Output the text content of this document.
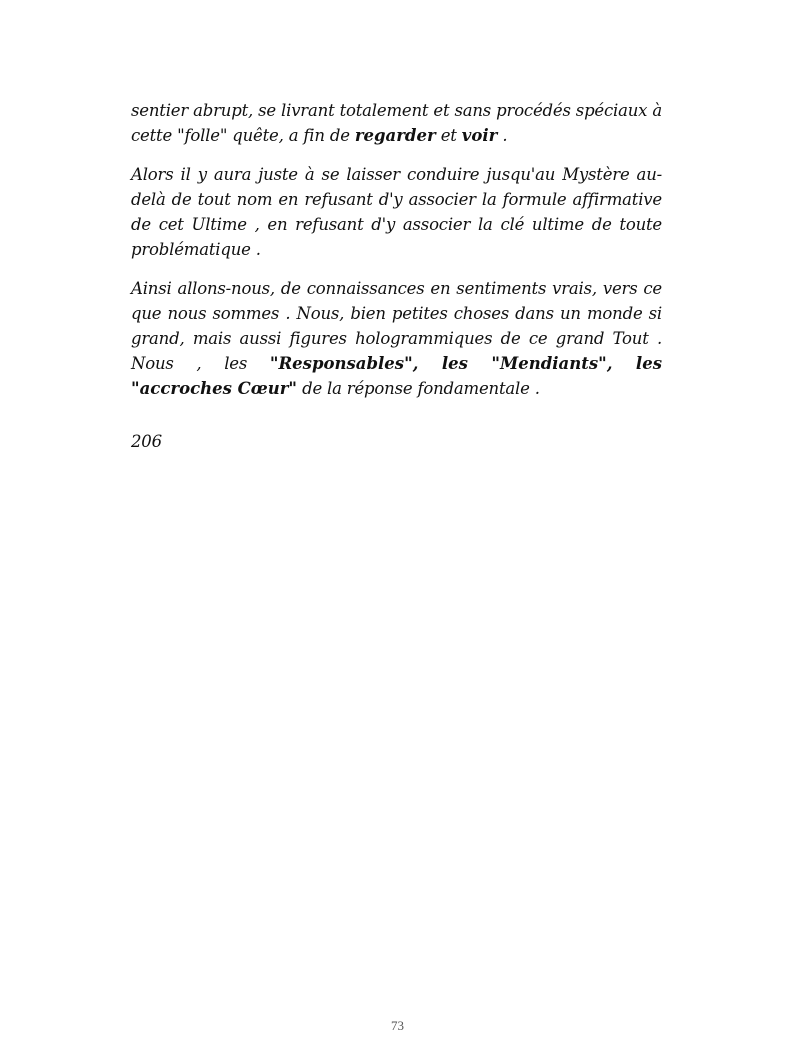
sentier abrupt, se livrant totalement et sans procédés spéciaux à cette "folle" quête, a fin de regarder et voir .

Alors il y aura juste à se laisser conduire jusqu'au Mystère au-delà de tout nom en refusant d'y associer la formule affirmative de cet Ultime , en refusant d'y associer la clé ultime de toute problématique .

Ainsi allons-nous, de connaissances en sentiments vrais, vers ce que nous sommes . Nous, bien petites choses dans un monde si grand, mais aussi figures hologrammiques de ce grand Tout . Nous , les "Responsables", les "Mendiants", les "accroches Cœur" de la réponse fondamentale .

206
73
